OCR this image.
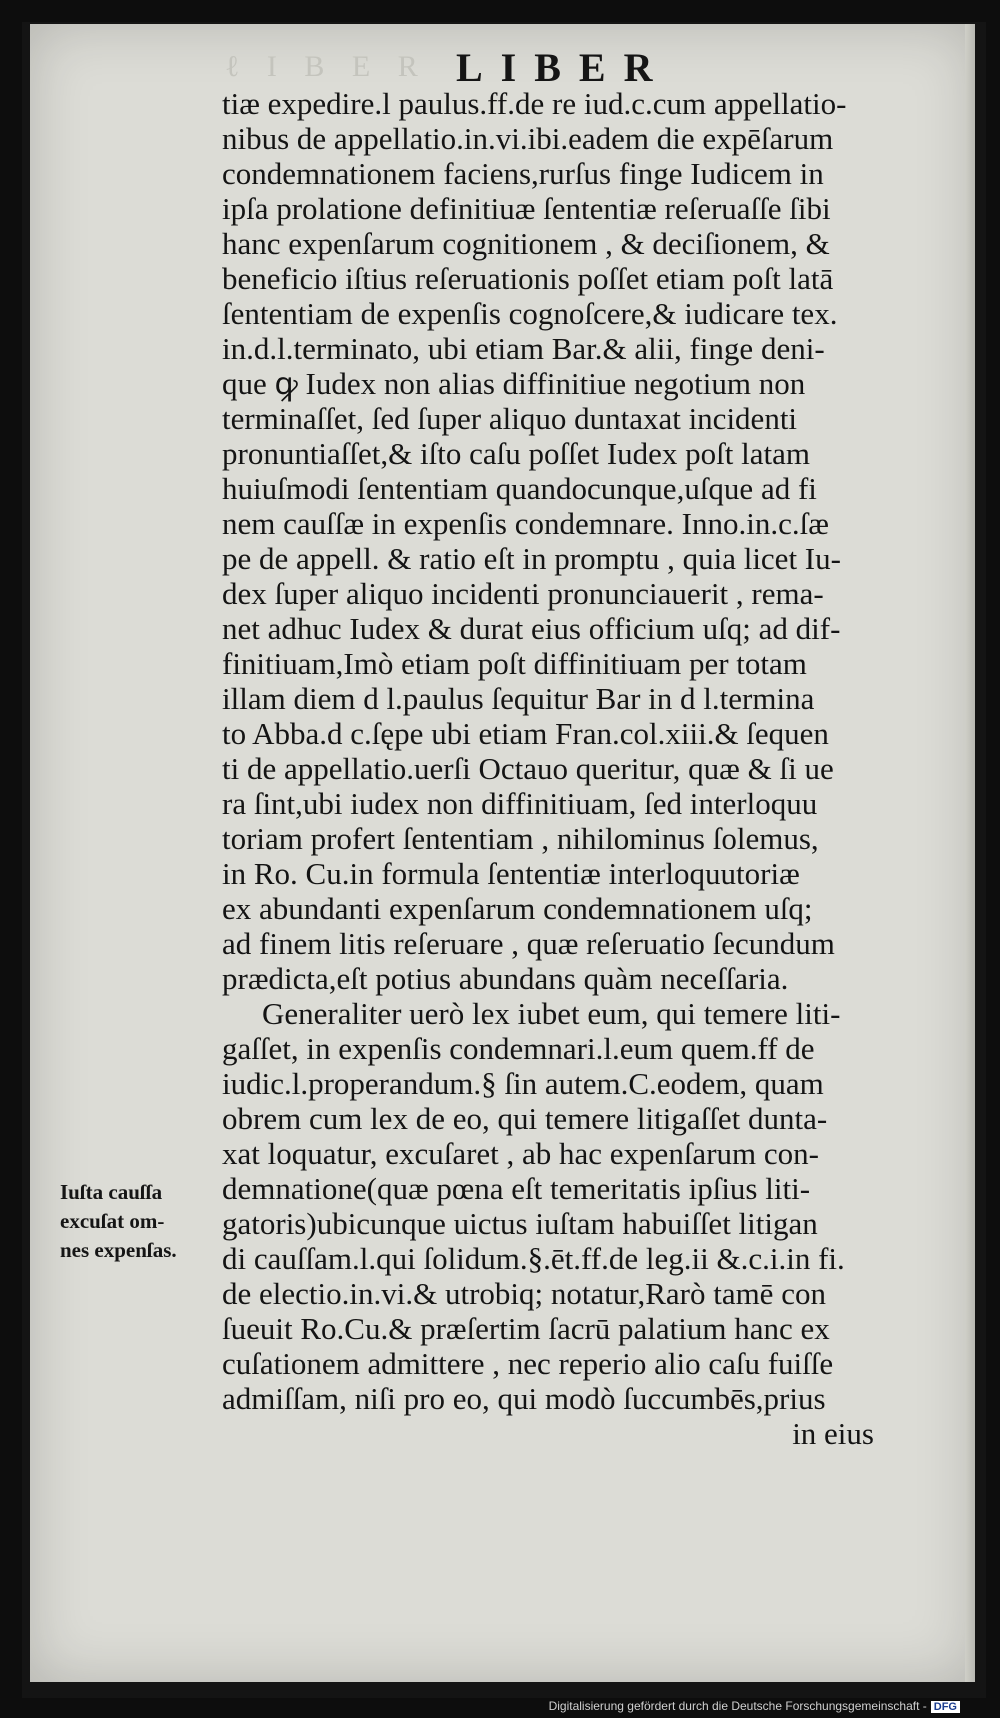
ℓ I B E R LIBER
tiæ expedire.l paulus.ff.de re iud.c.cum appellatio-
nibus de appellatio.in.vi.ibi.eadem die expēſarum
condemnationem faciens,rurſus finge Iudicem in
ipſa prolatione definitiuæ ſententiæ reſeruaſſe ſibi
hanc expenſarum cognitionem , & deciſionem, &
beneficio iſtius reſeruationis poſſet etiam poſt latā
ſententiam de expenſis cognoſcere,& iudicare tex.
in.d.l.terminato, ubi etiam Bar.& alii, finge deni-
que ꝙ Iudex non alias diffinitiue negotium non
terminaſſet, ſed ſuper aliquo duntaxat incidenti
pronuntiaſſet,& iſto caſu poſſet Iudex poſt latam
huiuſmodi ſententiam quandocunque,uſque ad fi
nem cauſſæ in expenſis condemnare. Inno.in.c.ſæ
pe de appell. & ratio eſt in promptu , quia licet Iu-
dex ſuper aliquo incidenti pronunciauerit , rema-
net adhuc Iudex & durat eius officium uſq; ad dif-
finitiuam,Imò etiam poſt diffinitiuam per totam
illam diem d l.paulus ſequitur Bar in d l.termina
to Abba.d c.ſępe ubi etiam Fran.col.xiii.& ſequen
ti de appellatio.uerſi Octauo queritur, quæ & ſi ue
ra ſint,ubi iudex non diffinitiuam, ſed interloquu
toriam profert ſententiam , nihilominus ſolemus,
in Ro. Cu.in formula ſententiæ interloquutoriæ
ex abundanti expenſarum condemnationem uſq;
ad finem litis reſeruare , quæ reſeruatio ſecundum
prædicta,eſt potius abundans quàm neceſſaria.
Generaliter uerò lex iubet eum, qui temere liti-
gaſſet, in expenſis condemnari.l.eum quem.ff de
iudic.l.properandum.§ ſin autem.C.eodem, quam
obrem cum lex de eo, qui temere litigaſſet dunta-
xat loquatur, excuſaret , ab hac expenſarum con-
demnatione(quæ pœna eſt temeritatis ipſius liti-
gatoris)ubicunque uictus iuſtam habuiſſet litigan
di cauſſam.l.qui ſolidum.§.ēt.ff.de leg.ii &.c.i.in fi.
de electio.in.vi.& utrobiq; notatur,Rarò tamē con
ſueuit Ro.Cu.& præſertim ſacrū palatium hanc ex
cuſationem admittere , nec reperio alio caſu fuiſſe
admiſſam, niſi pro eo, qui modò ſuccumbēs,prius
in eius
Iuſta cauſſa
excuſat om-
nes expenſas.
Digitalisierung gefördert durch die Deutsche Forschungsgemeinschaft - DFG
